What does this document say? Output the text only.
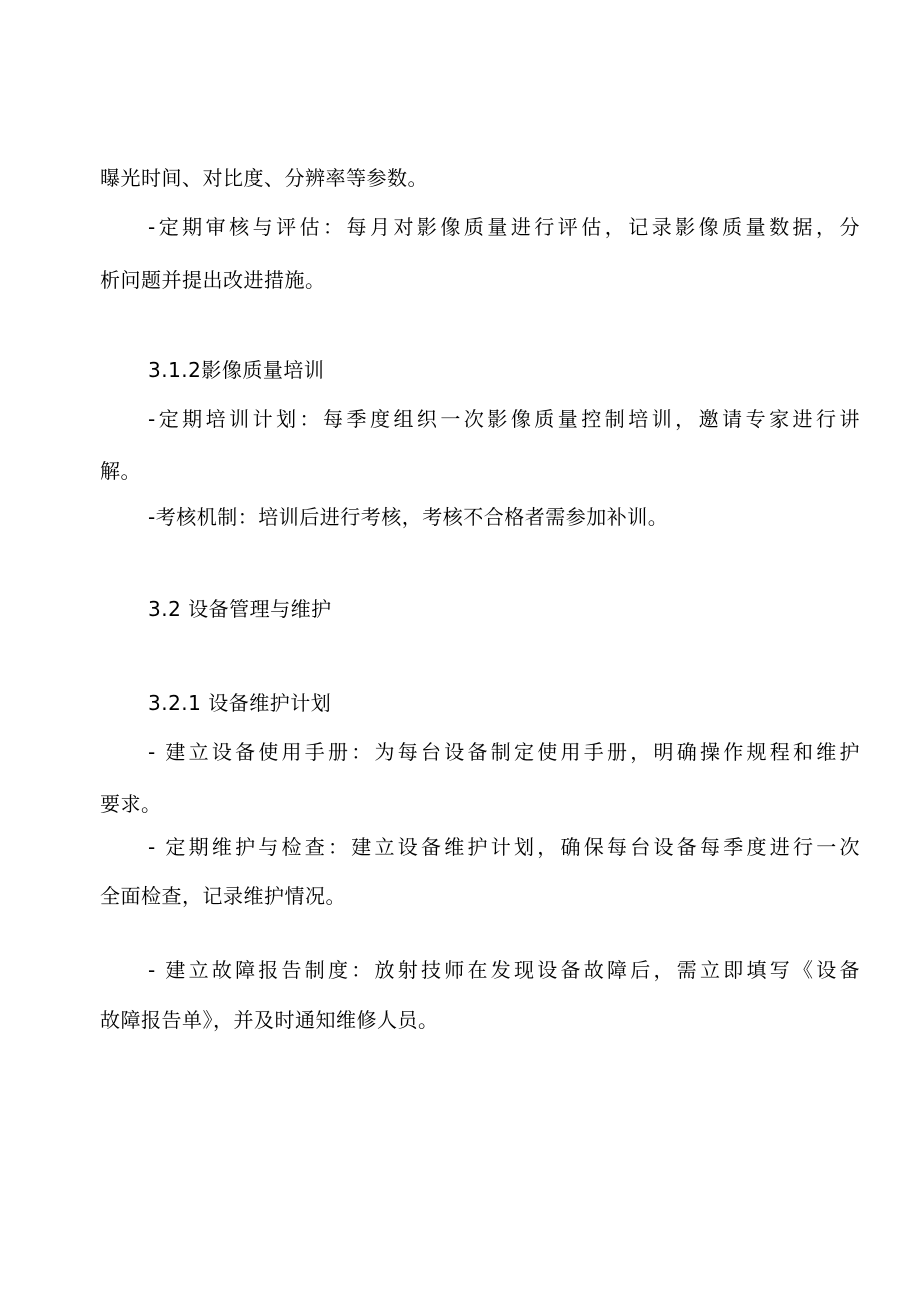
曝光时间、对比度、分辨率等参数。
-定期审核与评估：每月对影像质量进行评估，记录影像质量数据，分
析问题并提出改进措施。
3.1.2影像质量培训
-定期培训计划：每季度组织一次影像质量控制培训，邀请专家进行讲
解。
-考核机制：培训后进行考核，考核不合格者需参加补训。
3.2 设备管理与维护
3.2.1 设备维护计划
- 建立设备使用手册：为每台设备制定使用手册，明确操作规程和维护
要求。
- 定期维护与检查：建立设备维护计划，确保每台设备每季度进行一次
全面检查，记录维护情况。
- 建立故障报告制度：放射技师在发现设备故障后，需立即填写《设备
故障报告单》，并及时通知维修人员。
